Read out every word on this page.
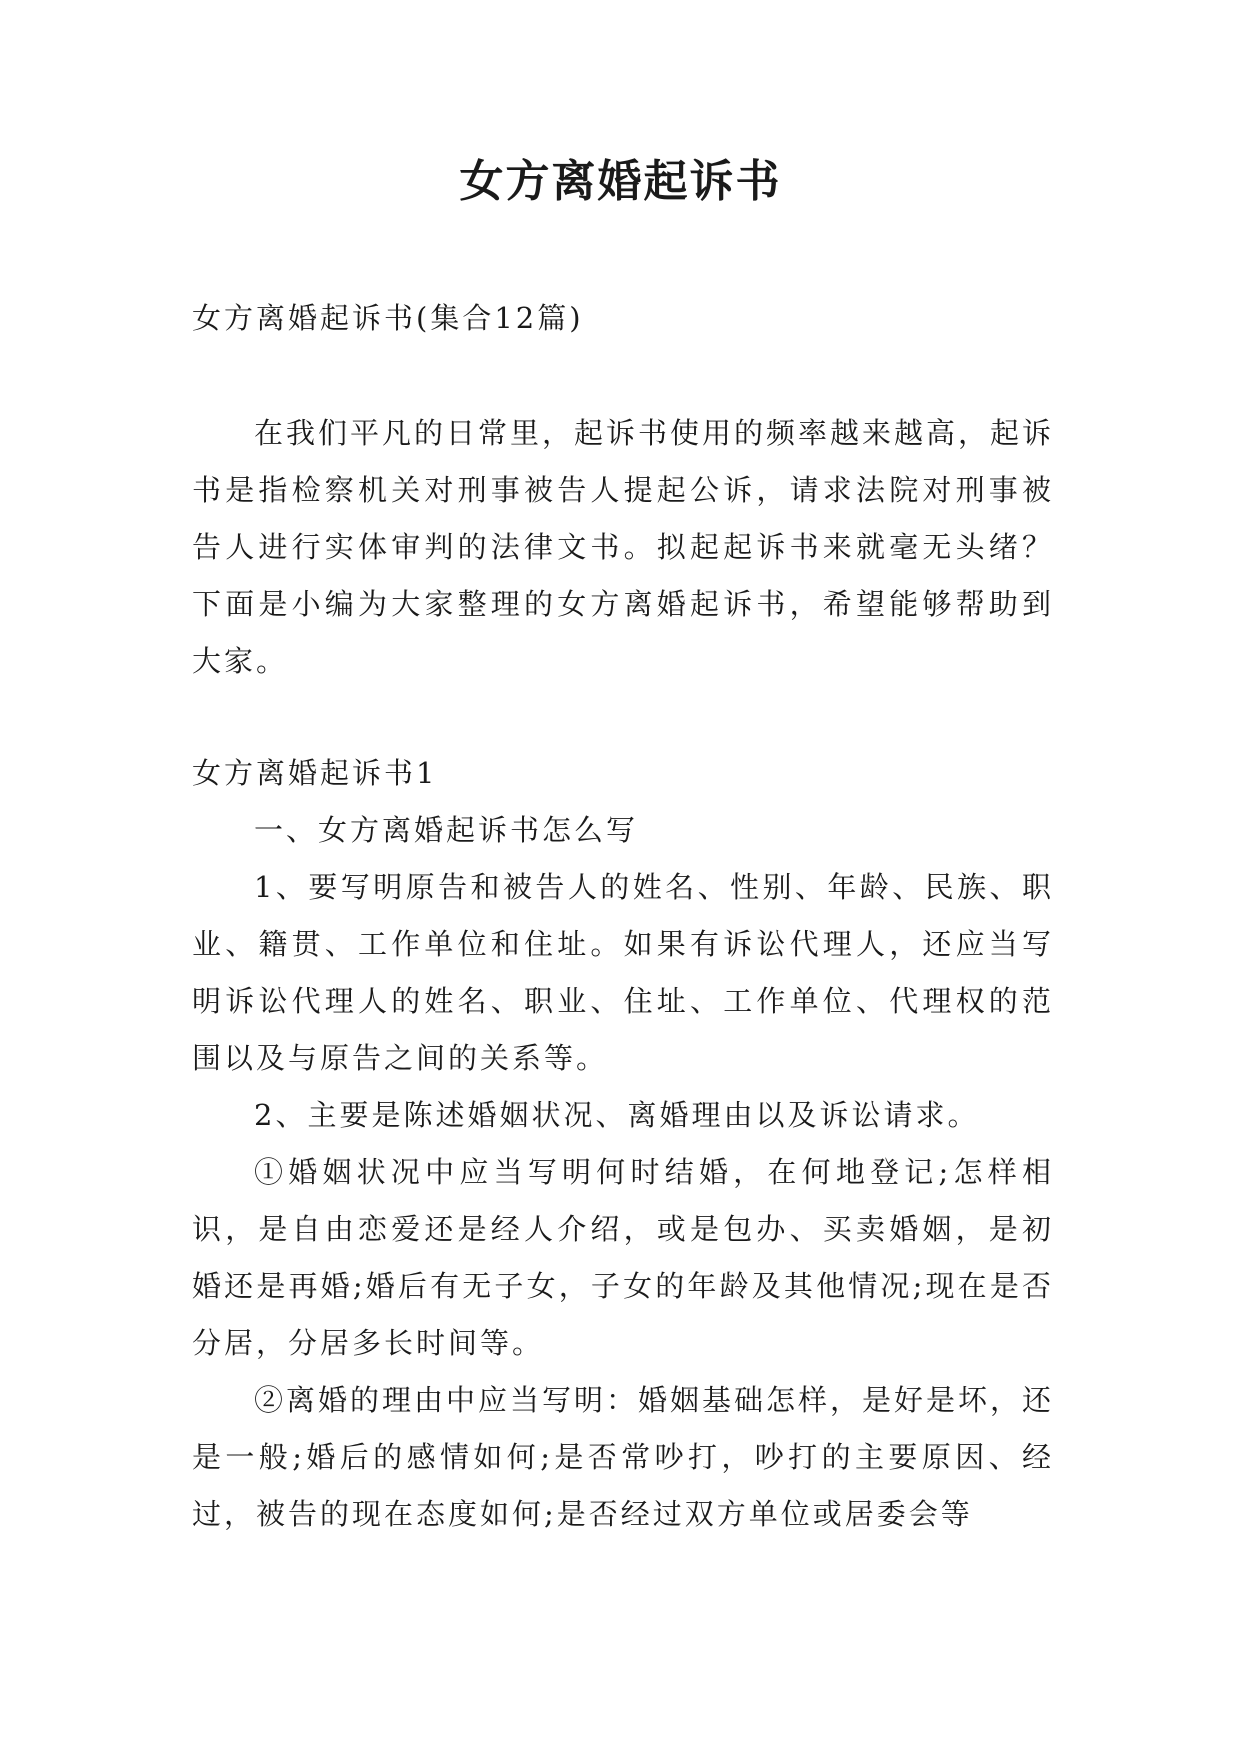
女方离婚起诉书

女方离婚起诉书(集合12篇)

在我们平凡的日常里，起诉书使用的频率越来越高，起诉书是指检察机关对刑事被告人提起公诉，请求法院对刑事被告人进行实体审判的法律文书。拟起起诉书来就毫无头绪？下面是小编为大家整理的女方离婚起诉书，希望能够帮助到大家。

女方离婚起诉书1

一、女方离婚起诉书怎么写

1、要写明原告和被告人的姓名、性别、年龄、民族、职业、籍贯、工作单位和住址。如果有诉讼代理人，还应当写明诉讼代理人的姓名、职业、住址、工作单位、代理权的范围以及与原告之间的关系等。

2、主要是陈述婚姻状况、离婚理由以及诉讼请求。

①婚姻状况中应当写明何时结婚，在何地登记;怎样相识，是自由恋爱还是经人介绍，或是包办、买卖婚姻，是初婚还是再婚;婚后有无子女，子女的年龄及其他情况;现在是否分居，分居多长时间等。

②离婚的理由中应当写明：婚姻基础怎样，是好是坏，还是一般;婚后的感情如何;是否常吵打，吵打的主要原因、经过，被告的现在态度如何;是否经过双方单位或居委会等
